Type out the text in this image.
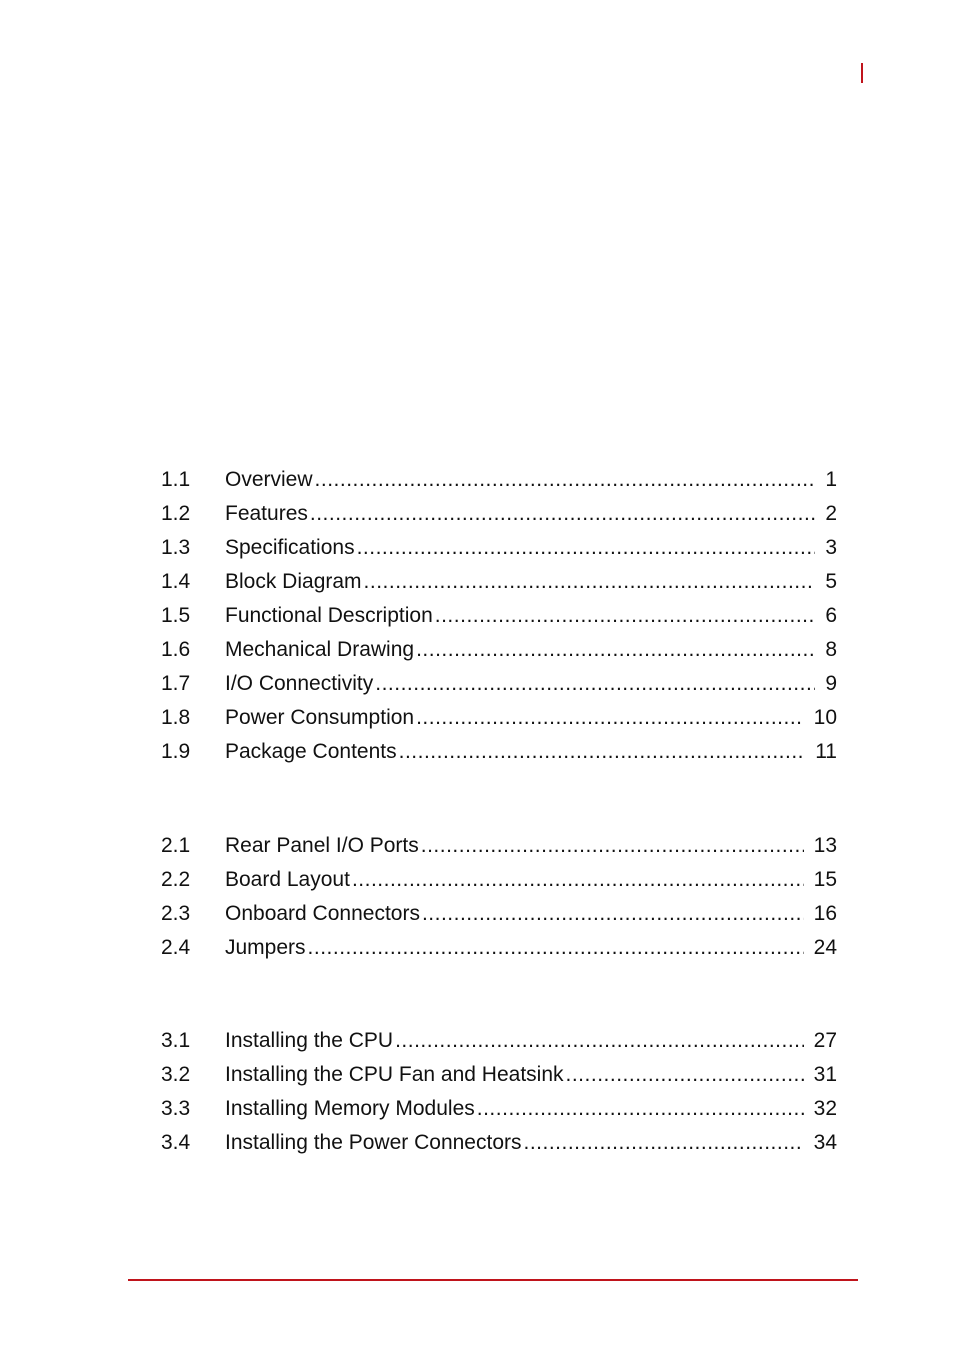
1.1 Overview .....	1
1.2 Features .....	2
1.3 Specifications .....	3
1.4 Block Diagram .....	5
1.5 Functional Description .....	6
1.6 Mechanical Drawing .....	8
1.7 I/O Connectivity .....	9
1.8 Power Consumption .....	10
1.9 Package Contents .....	11
2.1 Rear Panel I/O Ports .....	13
2.2 Board Layout .....	15
2.3 Onboard Connectors .....	16
2.4 Jumpers .....	24
3.1 Installing the CPU .....	27
3.2 Installing the CPU Fan and Heatsink .....	31
3.3 Installing Memory Modules .....	32
3.4 Installing the Power Connectors .....	34
